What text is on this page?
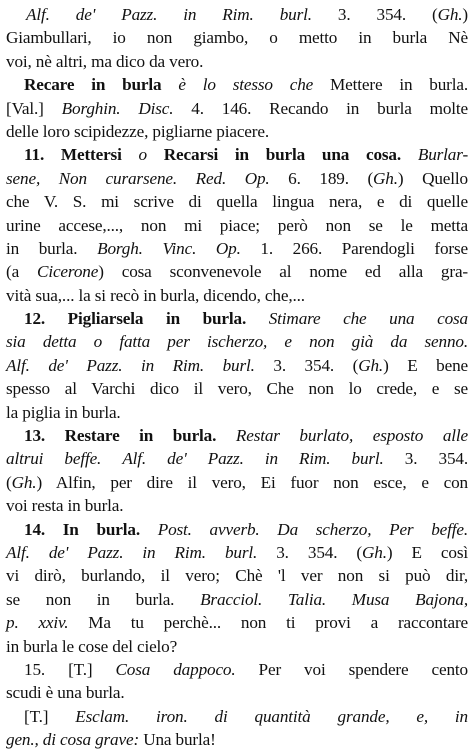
Alf. de' Pazz. in Rim. burl. 3. 354. (Gh.)
Giambullari, io non giambo, o metto in burla Nè
voi, nè altri, ma dico da vero.
Recare in burla è lo stesso che Mettere in burla.
[Val.] Borghin. Disc. 4. 146. Recando in burla molte
delle loro scipidezze, pigliarne piacere.
11. Mettersi o Recarsi in burla una cosa. Burlar-
sene, Non curarsene. Red. Op. 6. 189. (Gh.) Quello
che V. S. mi scrive di quella lingua nera, e di quelle
urine accese,..., non mi piace; però non se le metta
in burla. Borgh. Vinc. Op. 1. 266. Parendogli forse
(a Cicerone) cosa sconvenevole al nome ed alla gra-
vità sua,... la si recò in burla, dicendo, che,...
12. Pigliarsela in burla. Stimare che una cosa
sia detta o fatta per ischerzo, e non già da senno.
Alf. de' Pazz. in Rim. burl. 3. 354. (Gh.) E bene
spesso al Varchi dico il vero, Che non lo crede, e se
la piglia in burla.
13. Restare in burla. Restar burlato, esposto alle
altrui beffe. Alf. de' Pazz. in Rim. burl. 3. 354.
(Gh.) Alfin, per dire il vero, Ei fuor non esce, e con
voi resta in burla.
14. In burla. Post. avverb. Da scherzo, Per beffe.
Alf. de' Pazz. in Rim. burl. 3. 354. (Gh.) E così
vi dirò, burlando, il vero; Chè 'l ver non si può dir,
se non in burla. Bracciol. Talia. Musa Bajona,
p. xxiv. Ma tu perchè... non ti provi a raccontare
in burla le cose del cielo?
15. [T.] Cosa dappoco. Per voi spendere cento
scudi è una burla.
[T.] Esclam. iron. di quantità grande, e, in
gen., di cosa grave: Una burla!
